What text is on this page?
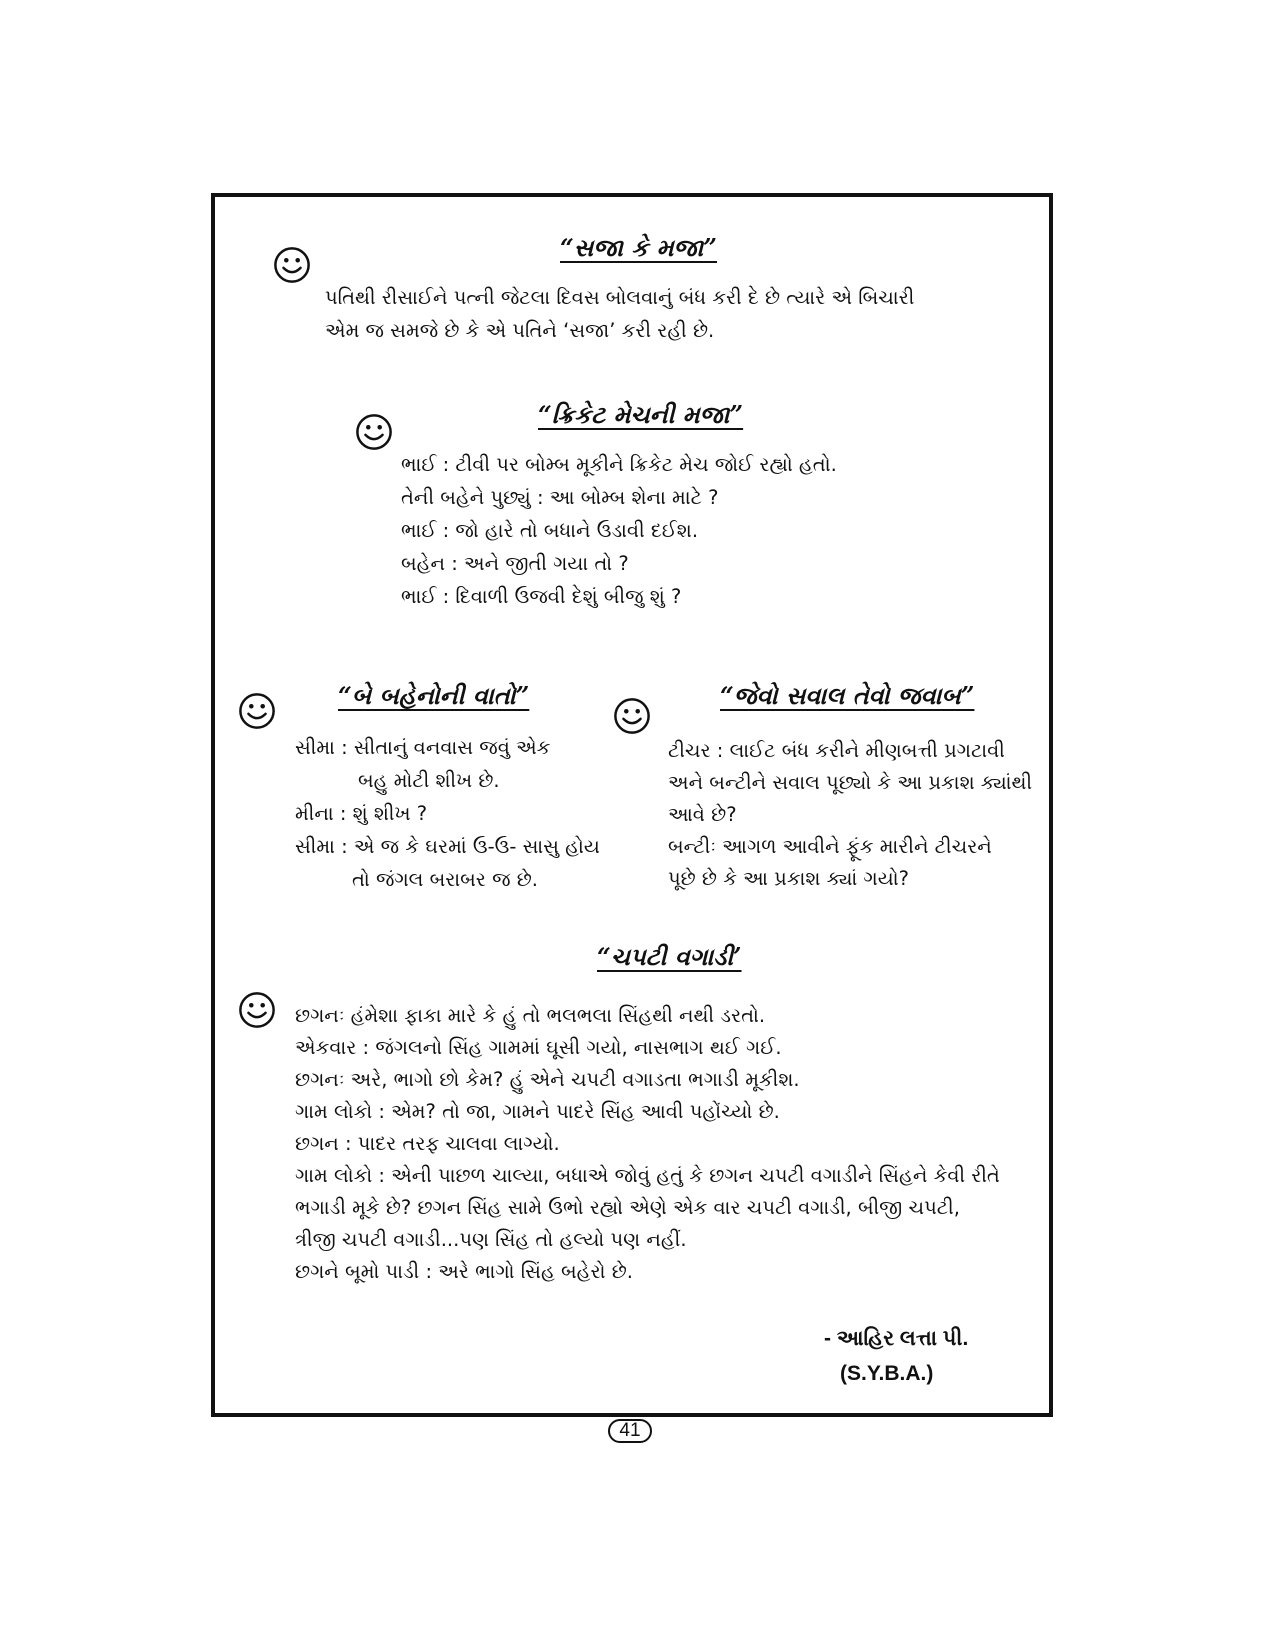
“સજા કે મજા”
પતિથી રીસાઈને પત્ની જેટલા દિવસ બોલવાનું બંધ કરી દે છે ત્યારે એ બિચારી
એમ જ સમજે છે કે એ પતિને ‘સજા’ કરી રહી છે.
“ક્રિકેટ મેચની મજા”
ભાઈ : ટીવી પર બોમ્બ મૂકીને ક્રિકેટ મેચ જોઈ રહ્યો હતો.
તેની બહેને પુછ્યું : આ બોમ્બ શેના માટે ?
ભાઈ : જો હારે તો બધાને ઉડાવી દઈશ.
બહેન : અને જીતી ગયા તો ?
ભાઈ : દિવાળી ઉજવી દેશું બીજુ શું ?
“બે બહેનોની વાતો”
સીમા : સીતાનું વનવાસ જવું એક
બહુ મોટી શીખ છે.
મીના : શું શીખ ?
સીમા : એ જ કે ઘરમાં ઉ-ઉ- સાસુ હોય
તો જંગલ બરાબર જ છે.
“જેવો સવાલ તેવો જવાબ”
ટીચર : લાઈટ બંધ કરીને મીણબત્તી પ્રગટાવી
અને બન્ટીને સવાલ પૂછ્યો કે આ પ્રકાશ ક્યાંથી
આવે છે?
બન્ટીઃ આગળ આવીને ફૂંક મારીને ટીચરને
પૂછે છે કે આ પ્રકાશ ક્યાં ગયો?
“ચપટી વગાડી’
છગનઃ હંમેશા ફાકા મારે કે હું તો ભલભલા સિંહથી નથી ડરતો.
એકવાર : જંગલનો સિંહ ગામમાં ઘૂસી ગયો, નાસભાગ થઈ ગઈ.
છગનઃ અરે, ભાગો છો કેમ? હું એને ચપટી વગાડતા ભગાડી મૂકીશ.
ગામ લોકો : એમ? તો જા, ગામને પાદરે સિંહ આવી પહોંચ્યો છે.
છગન : પાદર તરફ ચાલવા લાગ્યો.
ગામ લોકો : એની પાછળ ચાલ્યા, બધાએ જોવું હતું કે છગન ચપટી વગાડીને સિંહને કેવી રીતે
ભગાડી મૂકે છે? છગન સિંહ સામે ઉભો રહ્યો એણે એક વાર ચપટી વગાડી, બીજી ચપટી,
ત્રીજી ચપટી વગાડી...પણ સિંહ તો હલ્યો પણ નહીં.
છગને બૂમો પાડી : અરે ભાગો સિંહ બહેરો છે.
- આહિર લત્તા પી.
(S.Y.B.A.)
41
